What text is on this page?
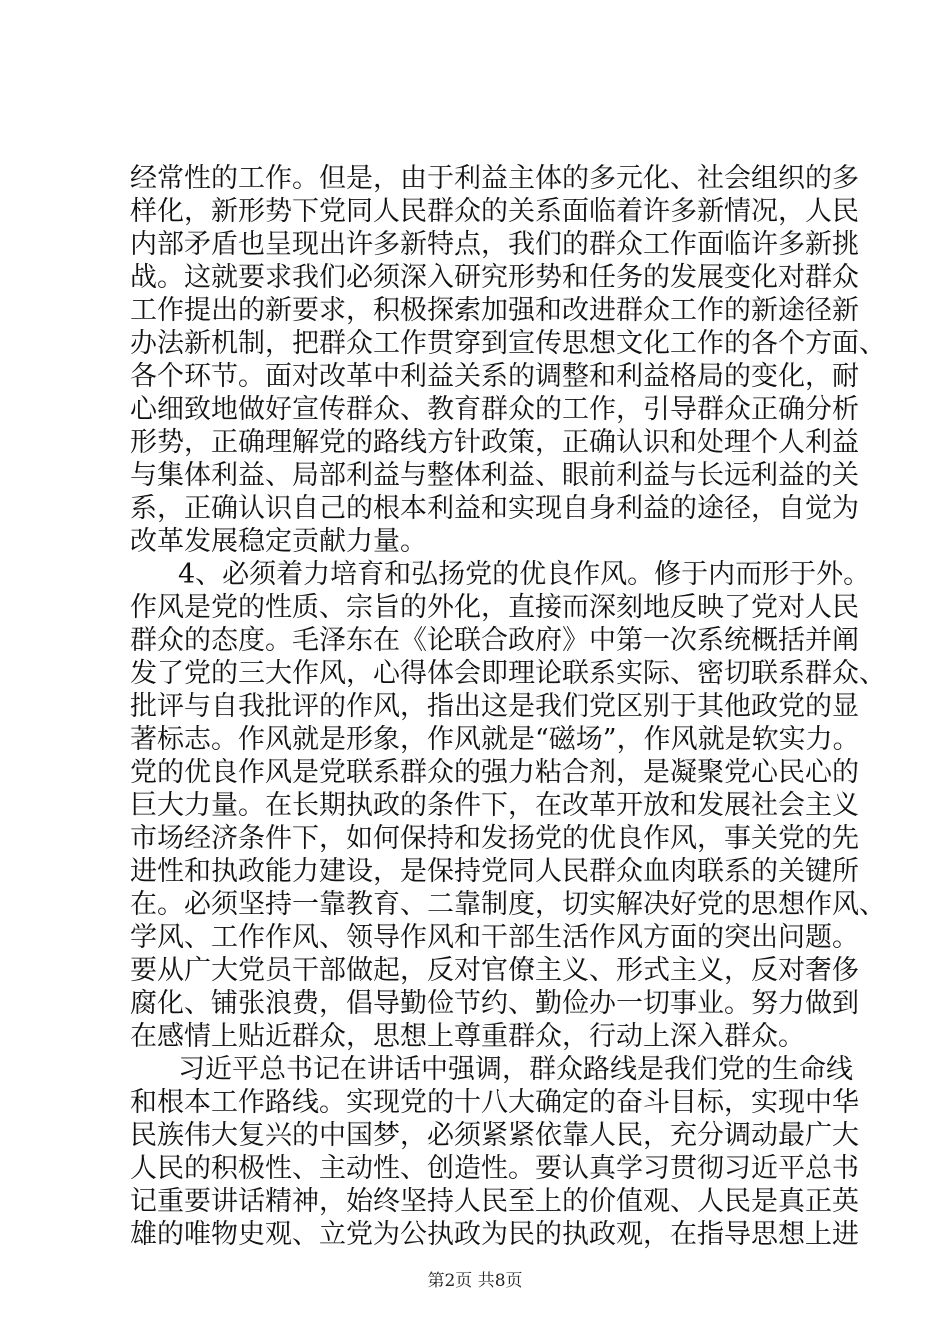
经常性的工作。但是，由于利益主体的多元化、社会组织的多
样化，新形势下党同人民群众的关系面临着许多新情况，人民
内部矛盾也呈现出许多新特点，我们的群众工作面临许多新挑
战。这就要求我们必须深入研究形势和任务的发展变化对群众
工作提出的新要求，积极探索加强和改进群众工作的新途径新
办法新机制，把群众工作贯穿到宣传思想文化工作的各个方面、
各个环节。面对改革中利益关系的调整和利益格局的变化，耐
心细致地做好宣传群众、教育群众的工作，引导群众正确分析
形势，正确理解党的路线方针政策，正确认识和处理个人利益
与集体利益、局部利益与整体利益、眼前利益与长远利益的关
系，正确认识自己的根本利益和实现自身利益的途径，自觉为
改革发展稳定贡献力量。
4、必须着力培育和弘扬党的优良作风。修于内而形于外。
作风是党的性质、宗旨的外化，直接而深刻地反映了党对人民
群众的态度。毛泽东在《论联合政府》中第一次系统概括并阐
发了党的三大作风，心得体会即理论联系实际、密切联系群众、
批评与自我批评的作风，指出这是我们党区别于其他政党的显
著标志。作风就是形象，作风就是“磁场”，作风就是软实力。
党的优良作风是党联系群众的强力粘合剂，是凝聚党心民心的
巨大力量。在长期执政的条件下，在改革开放和发展社会主义
市场经济条件下，如何保持和发扬党的优良作风，事关党的先
进性和执政能力建设，是保持党同人民群众血肉联系的关键所
在。必须坚持一靠教育、二靠制度，切实解决好党的思想作风、
学风、工作作风、领导作风和干部生活作风方面的突出问题。
要从广大党员干部做起，反对官僚主义、形式主义，反对奢侈
腐化、铺张浪费，倡导勤俭节约、勤俭办一切事业。努力做到
在感情上贴近群众，思想上尊重群众，行动上深入群众。
习近平总书记在讲话中强调，群众路线是我们党的生命线
和根本工作路线。实现党的十八大确定的奋斗目标，实现中华
民族伟大复兴的中国梦，必须紧紧依靠人民，充分调动最广大
人民的积极性、主动性、创造性。要认真学习贯彻习近平总书
记重要讲话精神，始终坚持人民至上的价值观、人民是真正英
雄的唯物史观、立党为公执政为民的执政观，在指导思想上进
第2页 共8页
